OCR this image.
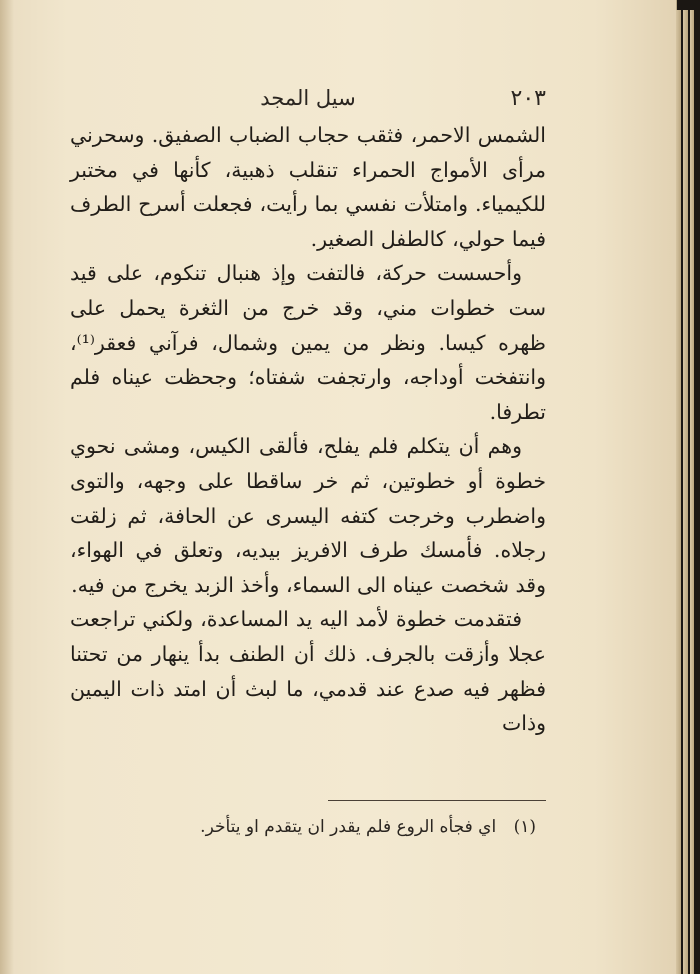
٢٠٣
سيل المجد

الشمس الاحمر، فثقب حجاب الضباب الصفيق. وسحرني مرأى الأمواج الحمراء تنقلب ذهبية، كأنها في مختبر للكيمياء. وامتلأت نفسي بما رأيت، فجعلت أسرح الطرف فيما حولي، كالطفل الصغير.

وأحسست حركة، فالتفت وإذ هنبال تنكوم، على قيد ست خطوات مني، وقد خرج من الثغرة يحمل على ظهره كيسا. ونظر من يمين وشمال، فرآني فعقر⁽¹⁾، وانتفخت أوداجه، وارتجفت شفتاه؛ وجحظت عيناه فلم تطرفا.

وهم أن يتكلم فلم يفلح، فألقى الكيس، ومشى نحوي خطوة أو خطوتين، ثم خر ساقطا على وجهه، والتوى واضطرب وخرجت كتفه اليسرى عن الحافة، ثم زلقت رجلاه. فأمسك طرف الافريز بيديه، وتعلق في الهواء، وقد شخصت عيناه الى السماء، وأخذ الزبد يخرج من فيه.

فتقدمت خطوة لأمد اليه يد المساعدة، ولكني تراجعت عجلا وأزقت بالجرف. ذلك أن الطنف بدأ ينهار من تحتنا فظهر فيه صدع عند قدمي، ما لبث أن امتد ذات اليمين وذات

(١) اي فجأه الروع فلم يقدر ان يتقدم او يتأخر.
